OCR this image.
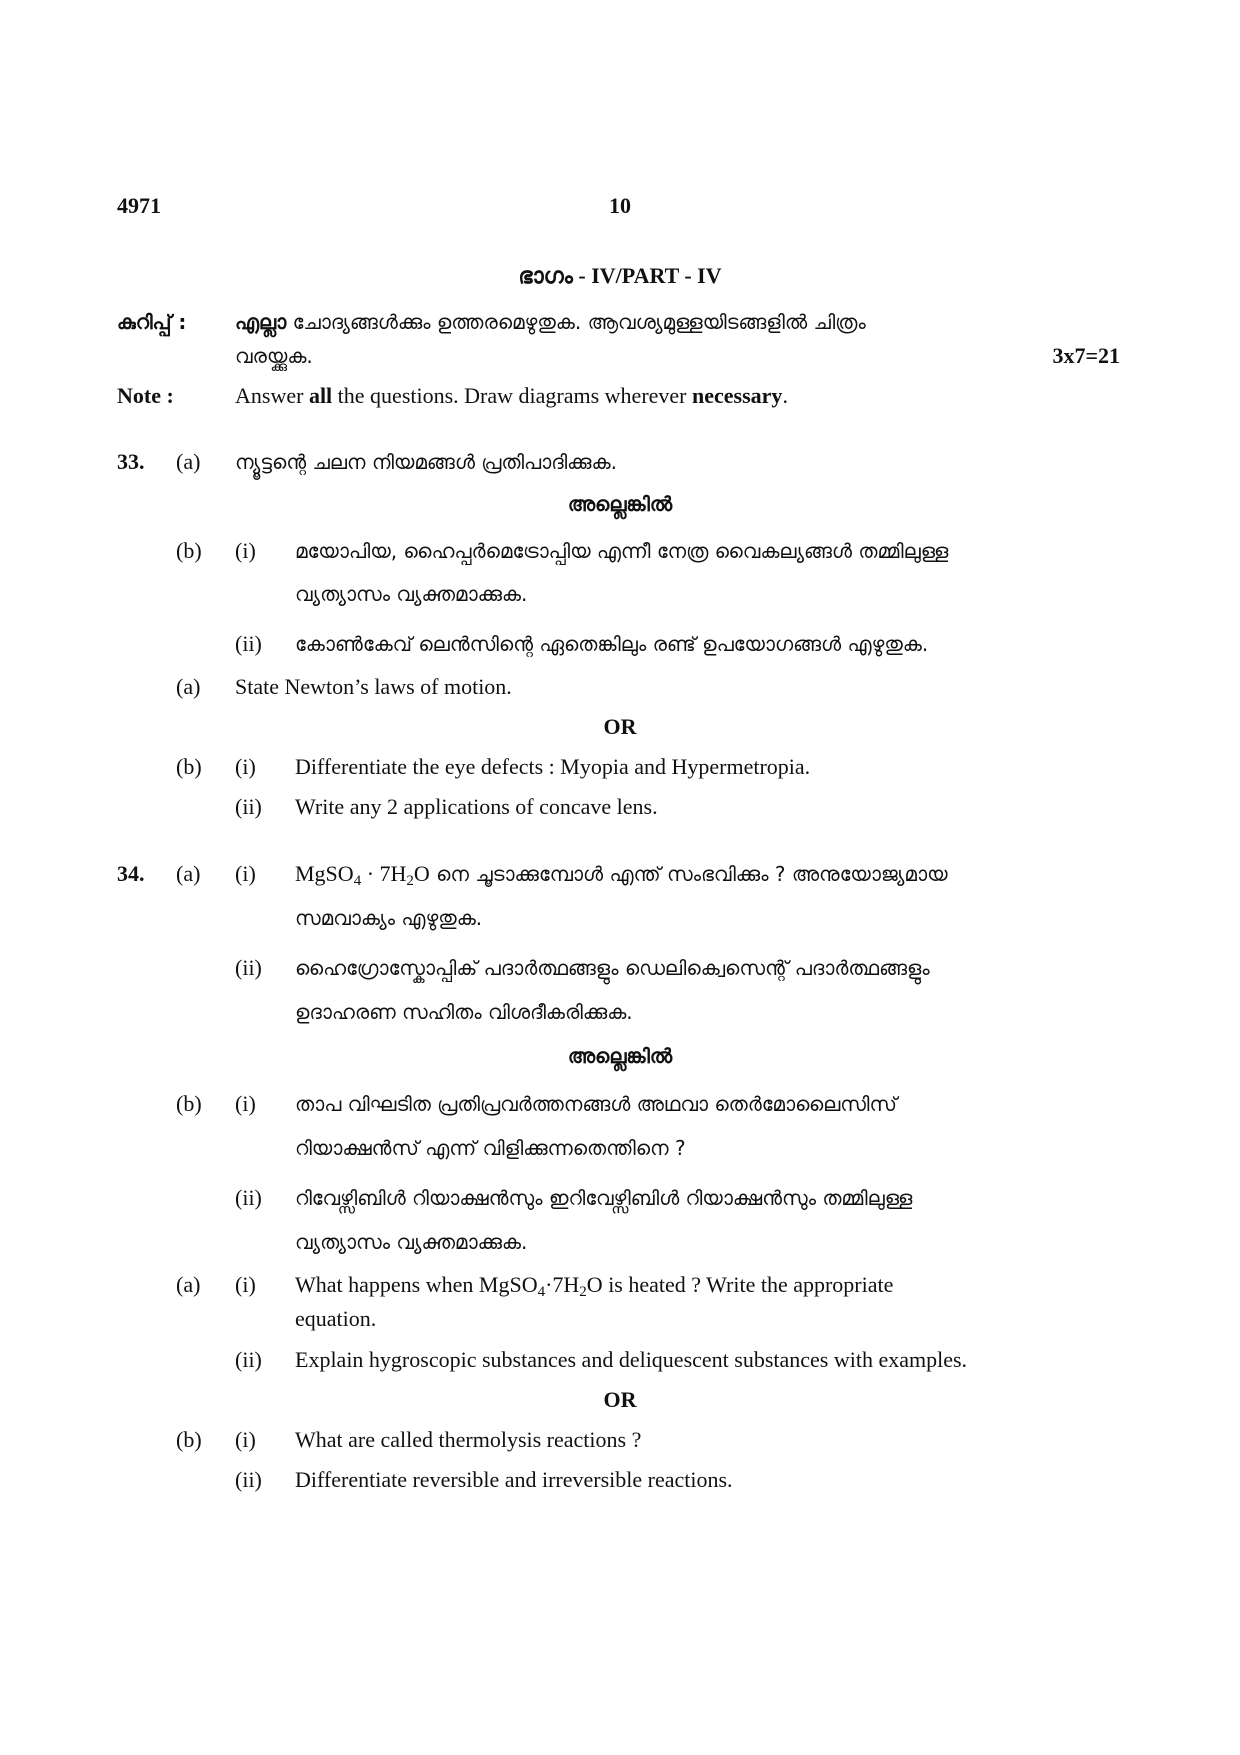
4971	10
ഭാഗം - IV/PART - IV
കുറിപ്പ് : എല്ലാ ചോദ്യങ്ങൾക്കും ഉത്തരമെഴുതുക. ആവശ്യമുള്ളയിടങ്ങളിൽ ചിത്രം
വരയ്ക്കുക.	3x7=21
Note :	Answer all the questions. Draw diagrams wherever necessary.
33. (a) ന്യൂട്ടന്റെ ചലന നിയമങ്ങൾ പ്രതിപാദിക്കുക.
അല്ലെങ്കിൽ
(b) (i) മയോപിയ, ഹൈപ്പർമെട്രോപ്പിയ എന്നീ നേത്ര വൈകല്യങ്ങൾ തമ്മിലുള്ള
വ്യത്യാസം വ്യക്തമാക്കുക.
(ii) കോൺകേവ് ലെൻസിന്റെ ഏതെങ്കിലും രണ്ട് ഉപയോഗങ്ങൾ എഴുതുക.
(a) State Newton’s laws of motion.
OR
(b) (i) Differentiate the eye defects : Myopia and Hypermetropia.
(ii) Write any 2 applications of concave lens.
34. (a) (i) MgSO$_4$ · $7H_2O$ നെ ചൂടാക്കുമ്പോൾ എന്ത് സംഭവിക്കും ? അനുയോജ്യമായ
സമവാക്യം എഴുതുക.
(ii) ഹൈഗ്രോസ്കോപ്പിക് പദാർത്ഥങ്ങളും ഡെലിക്വെസെന്റ് പദാർത്ഥങ്ങളും
ഉദാഹരണ സഹിതം വിശദീകരിക്കുക.
അല്ലെങ്കിൽ
(b) (i) താപ വിഘടിത പ്രതിപ്രവർത്തനങ്ങൾ അഥവാ തെർമോലൈസിസ്
റിയാക്ഷൻസ് എന്ന് വിളിക്കുന്നതെന്തിനെ ?
(ii) റിവേഴ്സിബിൾ റിയാക്ഷൻസും ഇറിവേഴ്സിബിൾ റിയാക്ഷൻസും തമ്മിലുള്ള
വ്യത്യാസം വ്യക്തമാക്കുക.
(a) (i) What happens when $MgSO_4\cdot 7H_2O$ is heated ? Write the appropriate
equation.
(ii) Explain hygroscopic substances and deliquescent substances with examples.
OR
(b) (i) What are called thermolysis reactions ?
(ii) Differentiate reversible and irreversible reactions.
